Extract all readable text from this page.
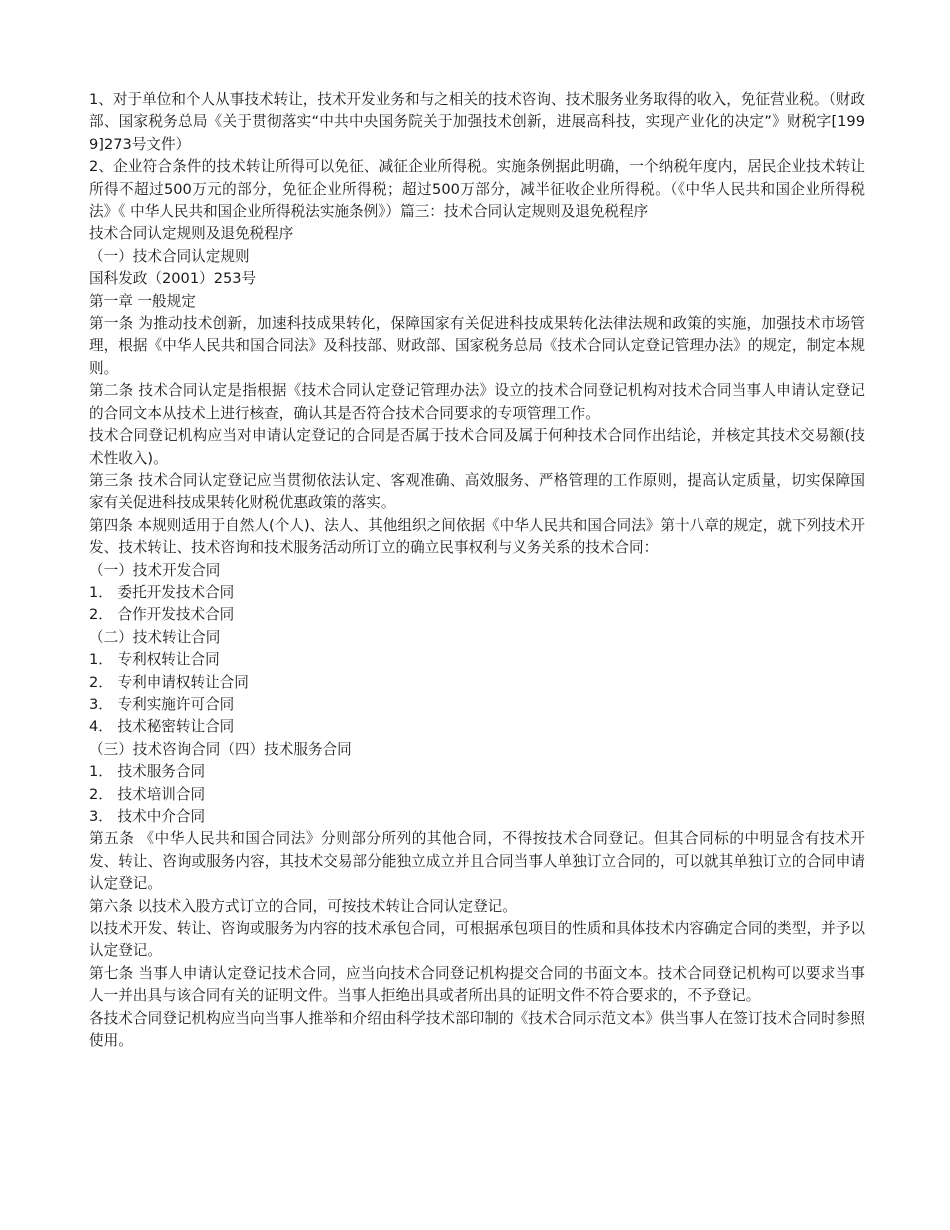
1、对于单位和个人从事技术转让，技术开发业务和与之相关的技术咨询、技术服务业务取得的收入，免征营业税。（财政部、国家税务总局《关于贯彻落实“中共中央国务院关于加强技术创新，进展高科技，实现产业化的决定”》财税字[1999]273号文件）

2、企业符合条件的技术转让所得可以免征、减征企业所得税。实施条例据此明确，一个纳税年度内，居民企业技术转让所得不超过500万元的部分，免征企业所得税；超过500万部分，减半征收企业所得税。（《中华人民共和国企业所得税法》《 中华人民共和国企业所得税法实施条例》）篇三：技术合同认定规则及退免税程序

技术合同认定规则及退免税程序

（一）技术合同认定规则

国科发政（2001）253号

第一章 一般规定

第一条 为推动技术创新，加速科技成果转化，保障国家有关促进科技成果转化法律法规和政策的实施，加强技术市场管理，根据《中华人民共和国合同法》及科技部、财政部、国家税务总局《技术合同认定登记管理办法》的规定，制定本规则。

第二条 技术合同认定是指根据《技术合同认定登记管理办法》设立的技术合同登记机构对技术合同当事人申请认定登记的合同文本从技术上进行核查，确认其是否符合技术合同要求的专项管理工作。

技术合同登记机构应当对申请认定登记的合同是否属于技术合同及属于何种技术合同作出结论，并核定其技术交易额(技术性收入)。

第三条 技术合同认定登记应当贯彻依法认定、客观准确、高效服务、严格管理的工作原则，提高认定质量，切实保障国家有关促进科技成果转化财税优惠政策的落实。

第四条 本规则适用于自然人(个人)、法人、其他组织之间依据《中华人民共和国合同法》第十八章的规定，就下列技术开发、技术转让、技术咨询和技术服务活动所订立的确立民事权利与义务关系的技术合同：

（一）技术开发合同

1． 委托开发技术合同

2． 合作开发技术合同

（二）技术转让合同

1． 专利权转让合同

2． 专利申请权转让合同

3． 专利实施许可合同

4． 技术秘密转让合同

（三）技术咨询合同（四）技术服务合同

1． 技术服务合同

2． 技术培训合同

3． 技术中介合同

第五条 《中华人民共和国合同法》分则部分所列的其他合同，不得按技术合同登记。但其合同标的中明显含有技术开发、转让、咨询或服务内容，其技术交易部分能独立成立并且合同当事人单独订立合同的，可以就其单独订立的合同申请认定登记。

第六条 以技术入股方式订立的合同，可按技术转让合同认定登记。

以技术开发、转让、咨询或服务为内容的技术承包合同，可根据承包项目的性质和具体技术内容确定合同的类型，并予以认定登记。

第七条 当事人申请认定登记技术合同，应当向技术合同登记机构提交合同的书面文本。技术合同登记机构可以要求当事人一并出具与该合同有关的证明文件。当事人拒绝出具或者所出具的证明文件不符合要求的，不予登记。

各技术合同登记机构应当向当事人推举和介绍由科学技术部印制的《技术合同示范文本》供当事人在签订技术合同时参照使用。
